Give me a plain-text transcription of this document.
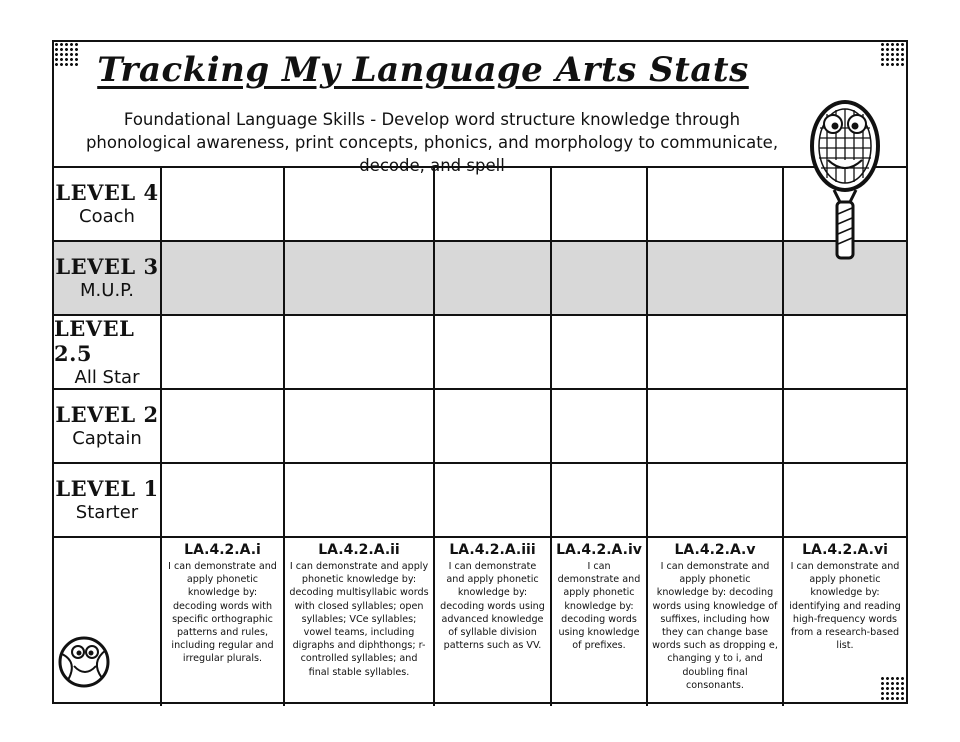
Tracking My Language Arts Stats
Foundational Language Skills - Develop word structure knowledge through phonological awareness, print concepts, phonics, and morphology to communicate, decode, and spell
LEVEL 4
Coach
LEVEL 3
M.U.P.
LEVEL 2.5
All Star
LEVEL 2
Captain
LEVEL 1
Starter
LA.4.2.A.i
I can demonstrate and apply phonetic knowledge by: decoding words with specific orthographic patterns and rules, including regular and irregular plurals.
LA.4.2.A.ii
I can demonstrate and apply phonetic knowledge by: decoding multisyllabic words with closed syllables; open syllables; VCe syllables; vowel teams, including digraphs and diphthongs; r-controlled syllables; and final stable syllables.
LA.4.2.A.iii
I can demonstrate and apply phonetic knowledge by: decoding words using advanced knowledge of syllable division patterns such as VV.
LA.4.2.A.iv
I can demonstrate and apply phonetic knowledge by: decoding words using knowledge of prefixes.
LA.4.2.A.v
I can demonstrate and apply phonetic knowledge by: decoding words using knowledge of suffixes, including how they can change base words such as dropping e, changing y to i, and doubling final consonants.
LA.4.2.A.vi
I can demonstrate and apply phonetic knowledge by: identifying and reading high-frequency words from a research-based list.
